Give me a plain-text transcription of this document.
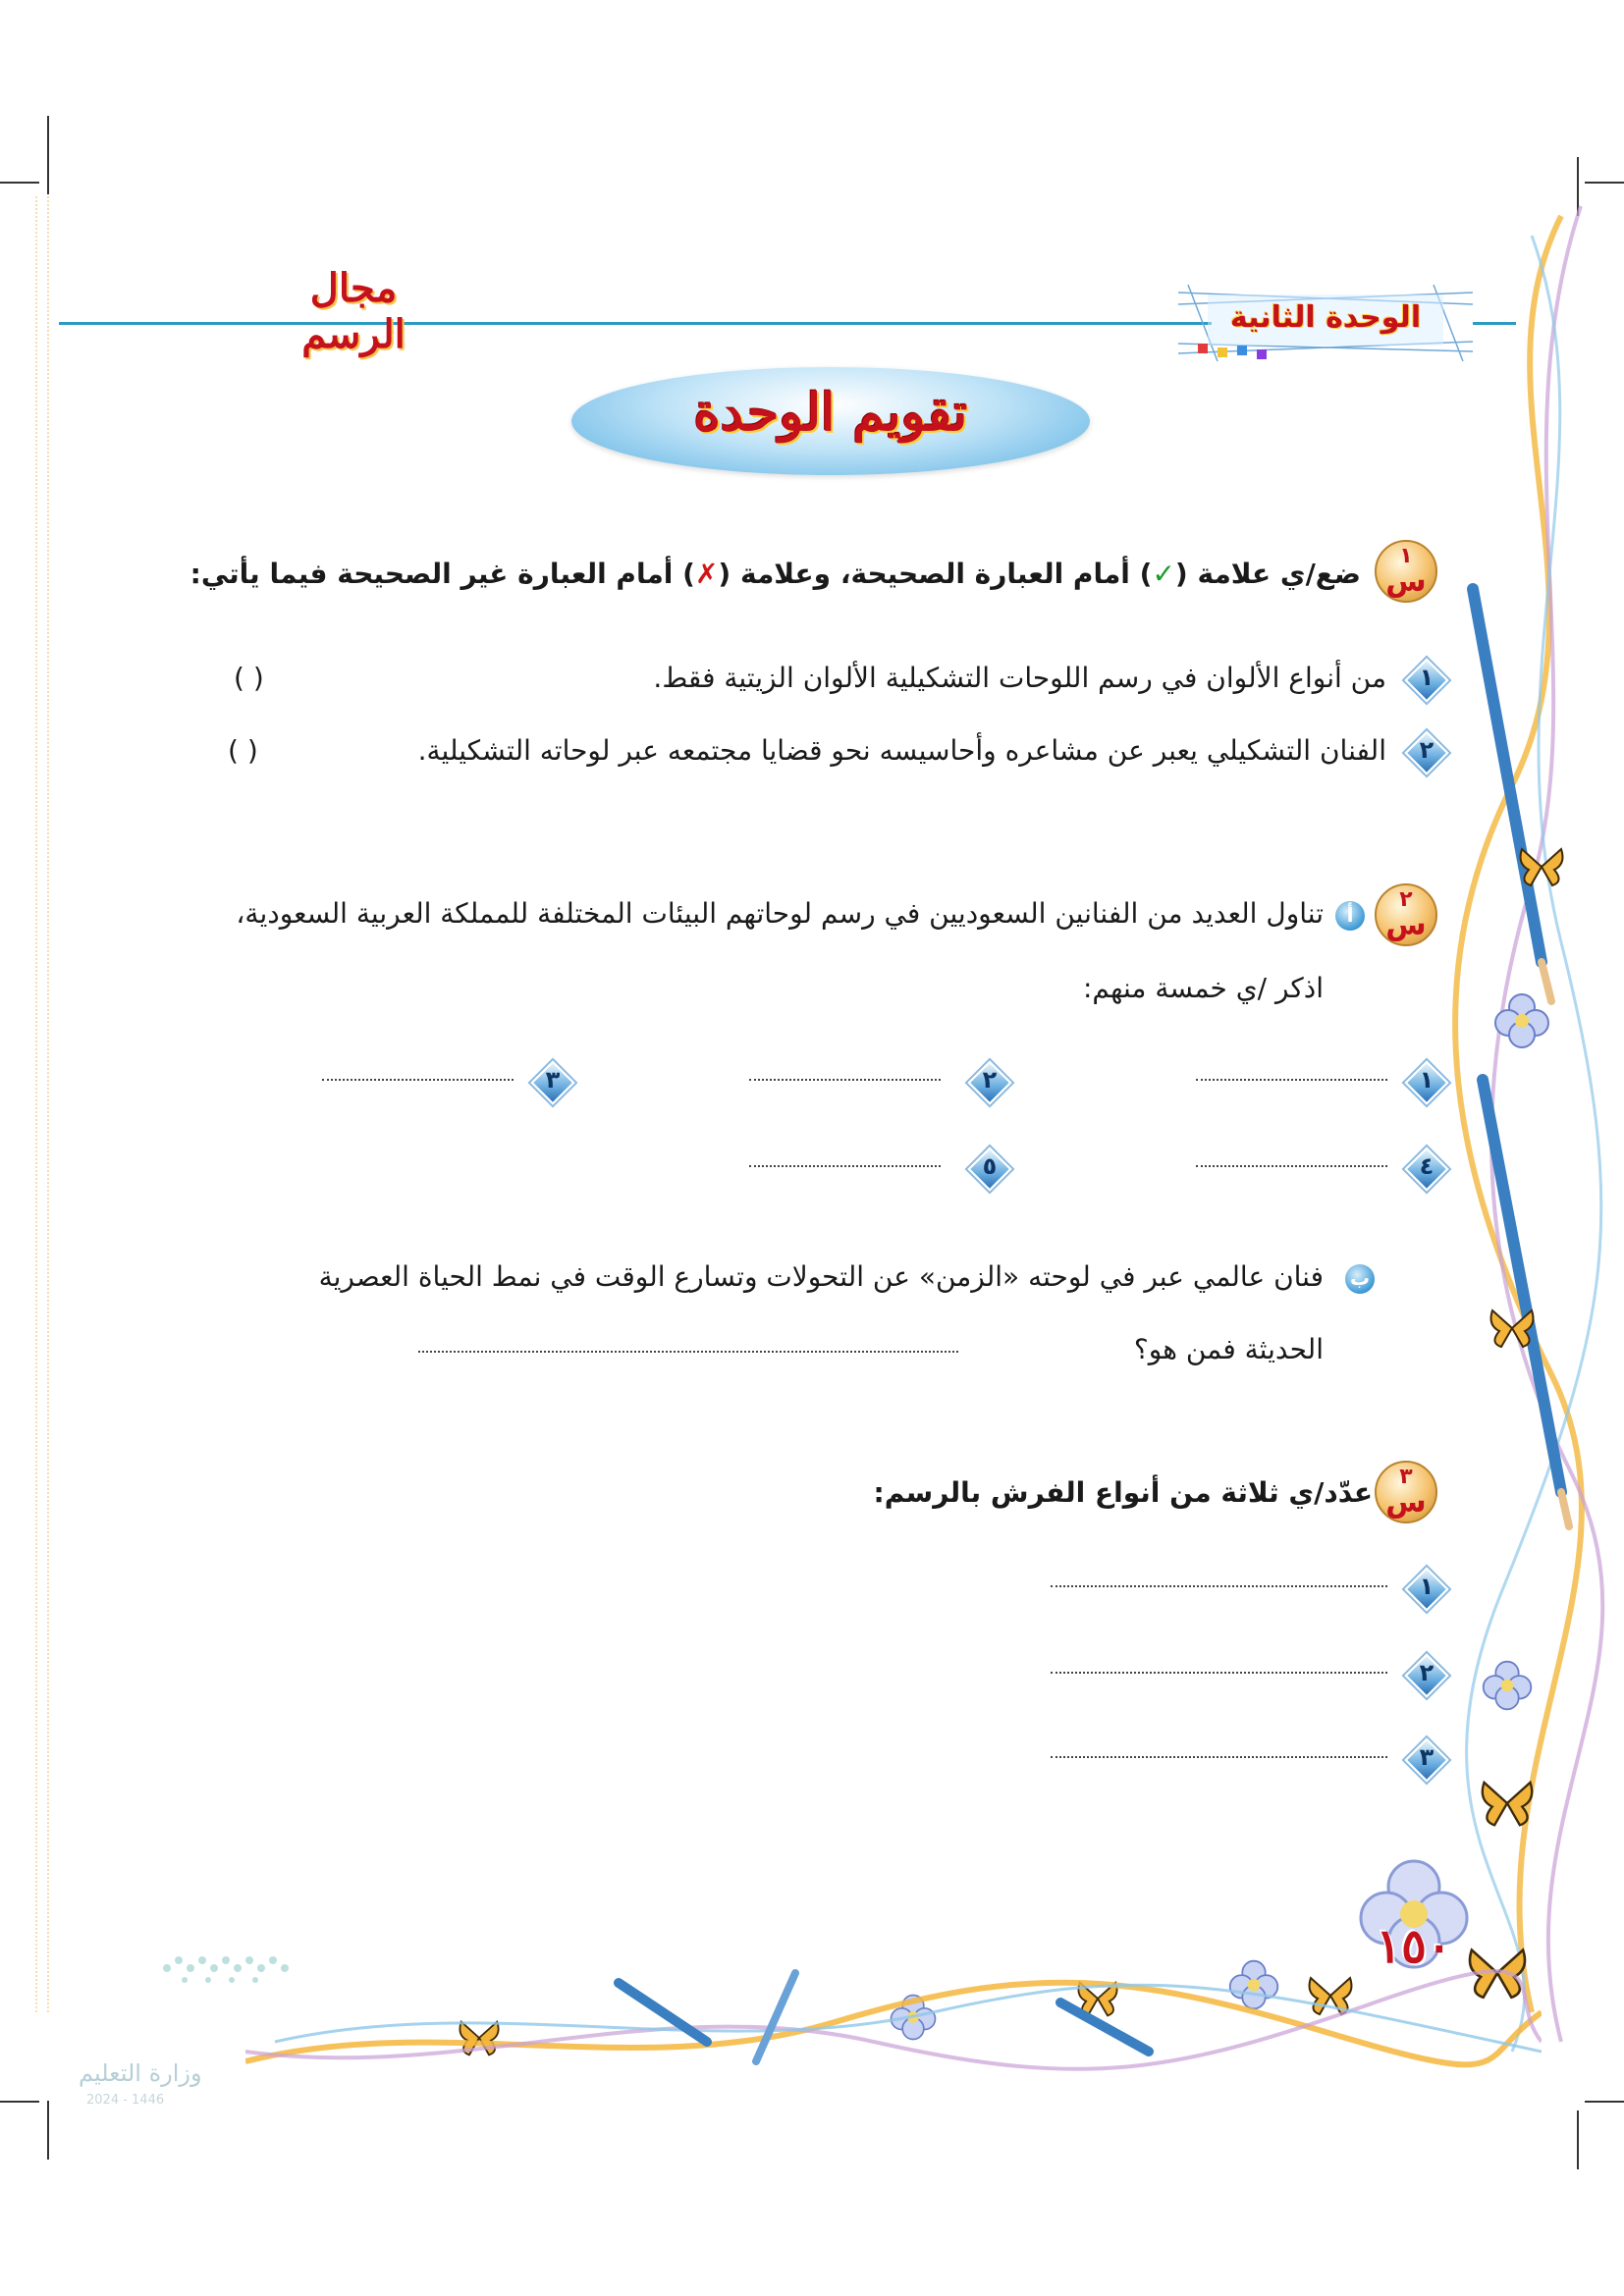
الوحدة الثانية
مجال الرسم
تقويم الوحدة
١
س
ضع/ي علامة (✓) أمام العبارة الصحيحة، وعلامة (✗) أمام العبارة غير الصحيحة فيما يأتي:
١
من أنواع الألوان في رسم اللوحات التشكيلية الألوان الزيتية فقط.
( )
٢
الفنان التشكيلي يعبر عن مشاعره وأحاسيسه نحو قضايا مجتمعه عبر لوحاته التشكيلية.
( )
٢
س
أ
تناول العديد من الفنانين السعوديين في رسم لوحاتهم البيئات المختلفة للمملكة العربية السعودية،
اذكر /ي خمسة منهم:
١
٢
٣
٤
٥
ب
فنان عالمي عبر في لوحته «الزمن» عن التحولات وتسارع الوقت في نمط الحياة العصرية
الحديثة فمن هو؟
٣
س
عدّد/ي ثلاثة من أنواع الفرش بالرسم:
١
٢
٣
١٥٠
وزارة التعليم
2024 - 1446
